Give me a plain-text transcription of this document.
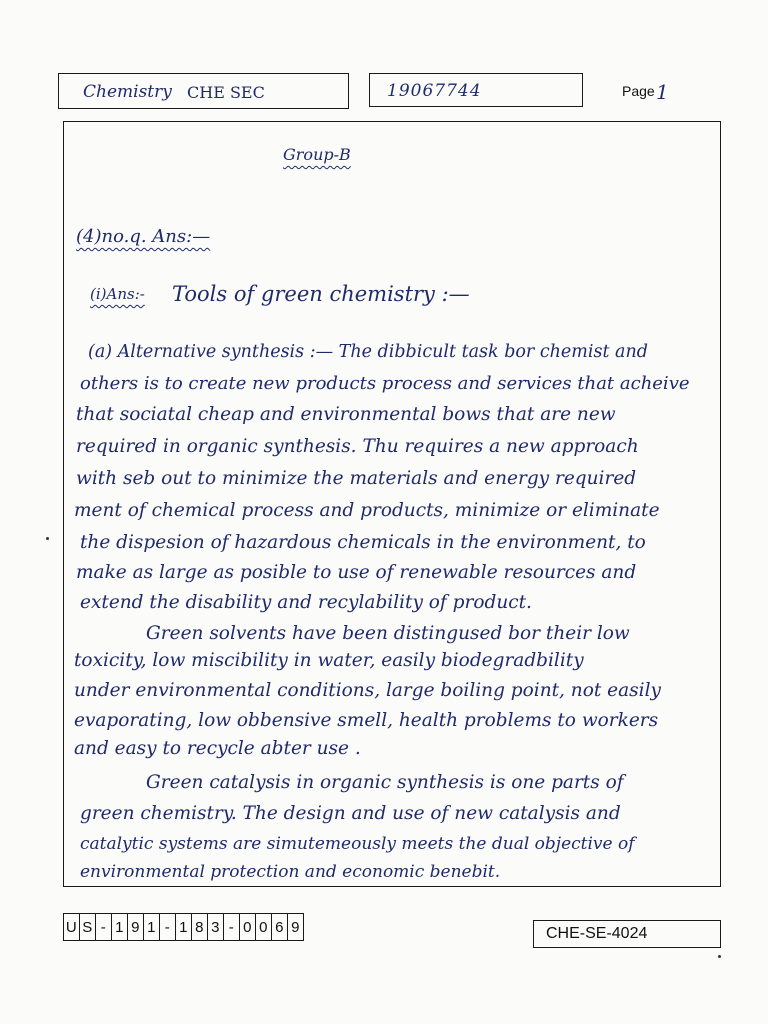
Chemistry CHE SEC	19067744	Page 1
Group-B
(4)no.q. Ans:—
(i)Ans:- Tools of green chemistry :—
(a) Alternative synthesis :— The dibbicult task bor chemist and
others is to create new products process and services that acheive
that sociatal cheap and environmental bows that are new
required in organic synthesis. Thu requires a new approach
with seb out to minimize the materials and energy required
ment of chemical process and products, minimize or eliminate
the dispesion of hazardous chemicals in the environment, to
make as large as posible to use of renewable resources and
extend the disability and recylability of product.
Green solvents have been distingused bor their low
toxicity, low miscibility in water, easily biodegradbility
under environmental conditions, large boiling point, not easily
evaporating, low obbensive smell, health problems to workers
and easy to recycle abter use .
Green catalysis in organic synthesis is one parts of
green chemistry. The design and use of new catalysis and
catalytic systems are simutemeously meets the dual objective of
environmental protection and economic benebit.
U S - 1 9 1 - 1 8 3 - 0 0 6 9	CHE-SE-4024
